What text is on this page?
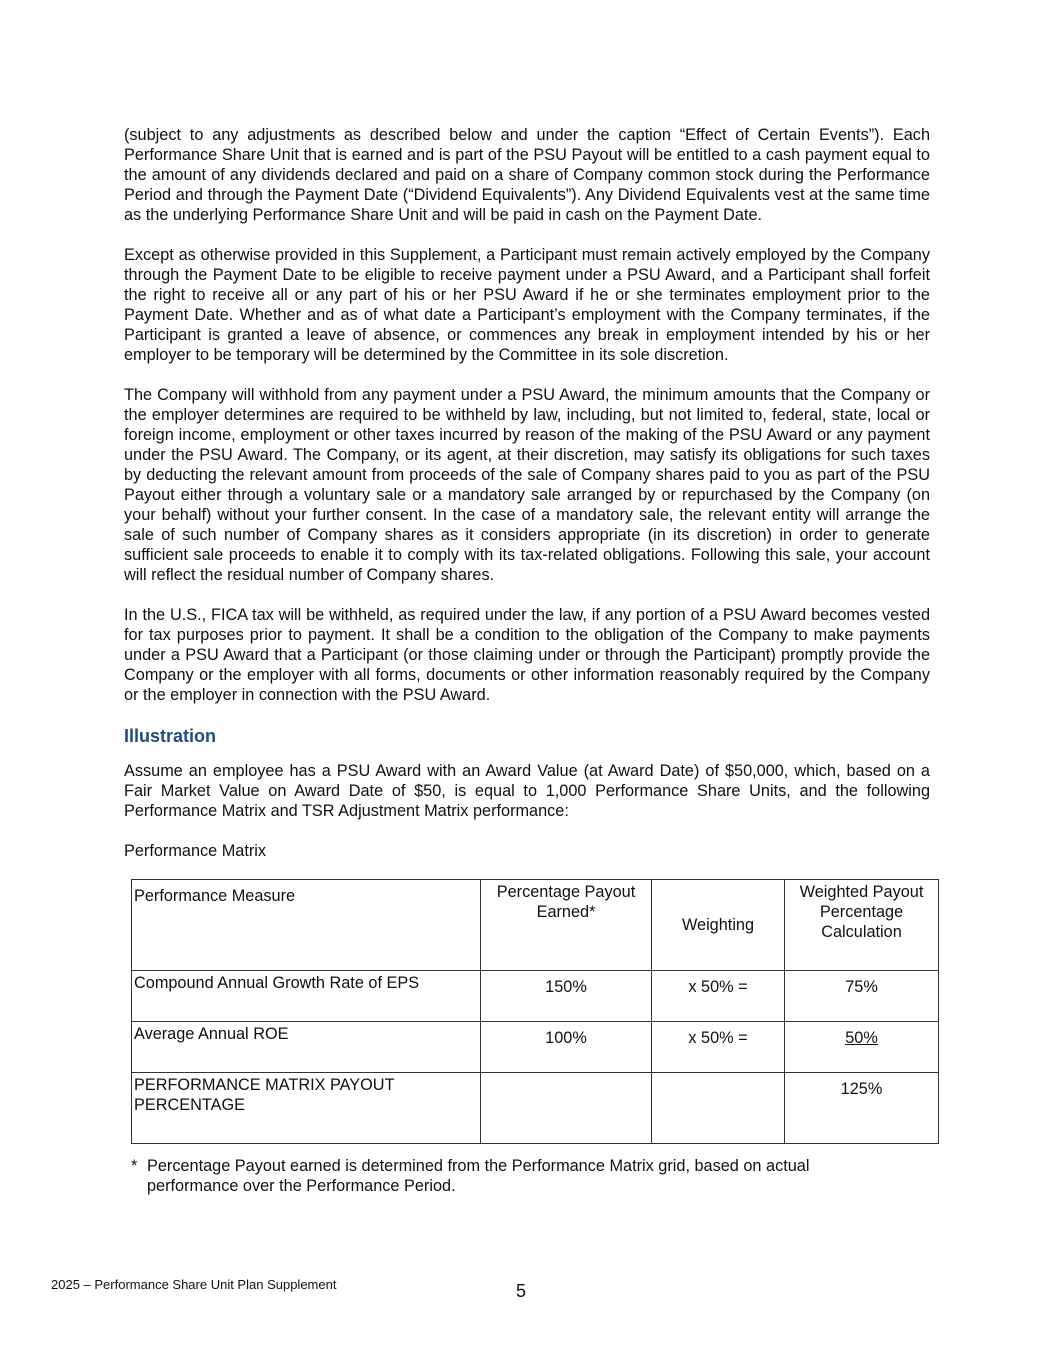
(subject to any adjustments as described below and under the caption “Effect of Certain Events”). Each Performance Share Unit that is earned and is part of the PSU Payout will be entitled to a cash payment equal to the amount of any dividends declared and paid on a share of Company common stock during the Performance Period and through the Payment Date (“Dividend Equivalents”). Any Dividend Equivalents vest at the same time as the underlying Performance Share Unit and will be paid in cash on the Payment Date.

Except as otherwise provided in this Supplement, a Participant must remain actively employed by the Company through the Payment Date to be eligible to receive payment under a PSU Award, and a Participant shall forfeit the right to receive all or any part of his or her PSU Award if he or she terminates employment prior to the Payment Date. Whether and as of what date a Participant’s employment with the Company terminates, if the Participant is granted a leave of absence, or commences any break in employment intended by his or her employer to be temporary will be determined by the Committee in its sole discretion.

The Company will withhold from any payment under a PSU Award, the minimum amounts that the Company or the employer determines are required to be withheld by law, including, but not limited to, federal, state, local or foreign income, employment or other taxes incurred by reason of the making of the PSU Award or any payment under the PSU Award. The Company, or its agent, at their discretion, may satisfy its obligations for such taxes by deducting the relevant amount from proceeds of the sale of Company shares paid to you as part of the PSU Payout either through a voluntary sale or a mandatory sale arranged by or repurchased by the Company (on your behalf) without your further consent. In the case of a mandatory sale, the relevant entity will arrange the sale of such number of Company shares as it considers appropriate (in its discretion) in order to generate sufficient sale proceeds to enable it to comply with its tax-related obligations. Following this sale, your account will reflect the residual number of Company shares.

In the U.S., FICA tax will be withheld, as required under the law, if any portion of a PSU Award becomes vested for tax purposes prior to payment. It shall be a condition to the obligation of the Company to make payments under a PSU Award that a Participant (or those claiming under or through the Participant) promptly provide the Company or the employer with all forms, documents or other information reasonably required by the Company or the employer in connection with the PSU Award.

Illustration

Assume an employee has a PSU Award with an Award Value (at Award Date) of $50,000, which, based on a Fair Market Value on Award Date of $50, is equal to 1,000 Performance Share Units, and the following Performance Matrix and TSR Adjustment Matrix performance:

Performance Matrix

Performance Measure	Percentage Payout Earned*	Weighting	Weighted Payout Percentage Calculation
Compound Annual Growth Rate of EPS	150%	x 50% =	75%
Average Annual ROE	100%	x 50% =	50%
PERFORMANCE MATRIX PAYOUT PERCENTAGE			125%
* Percentage Payout earned is determined from the Performance Matrix grid, based on actual performance over the Performance Period.
2025 – Performance Share Unit Plan Supplement	5
